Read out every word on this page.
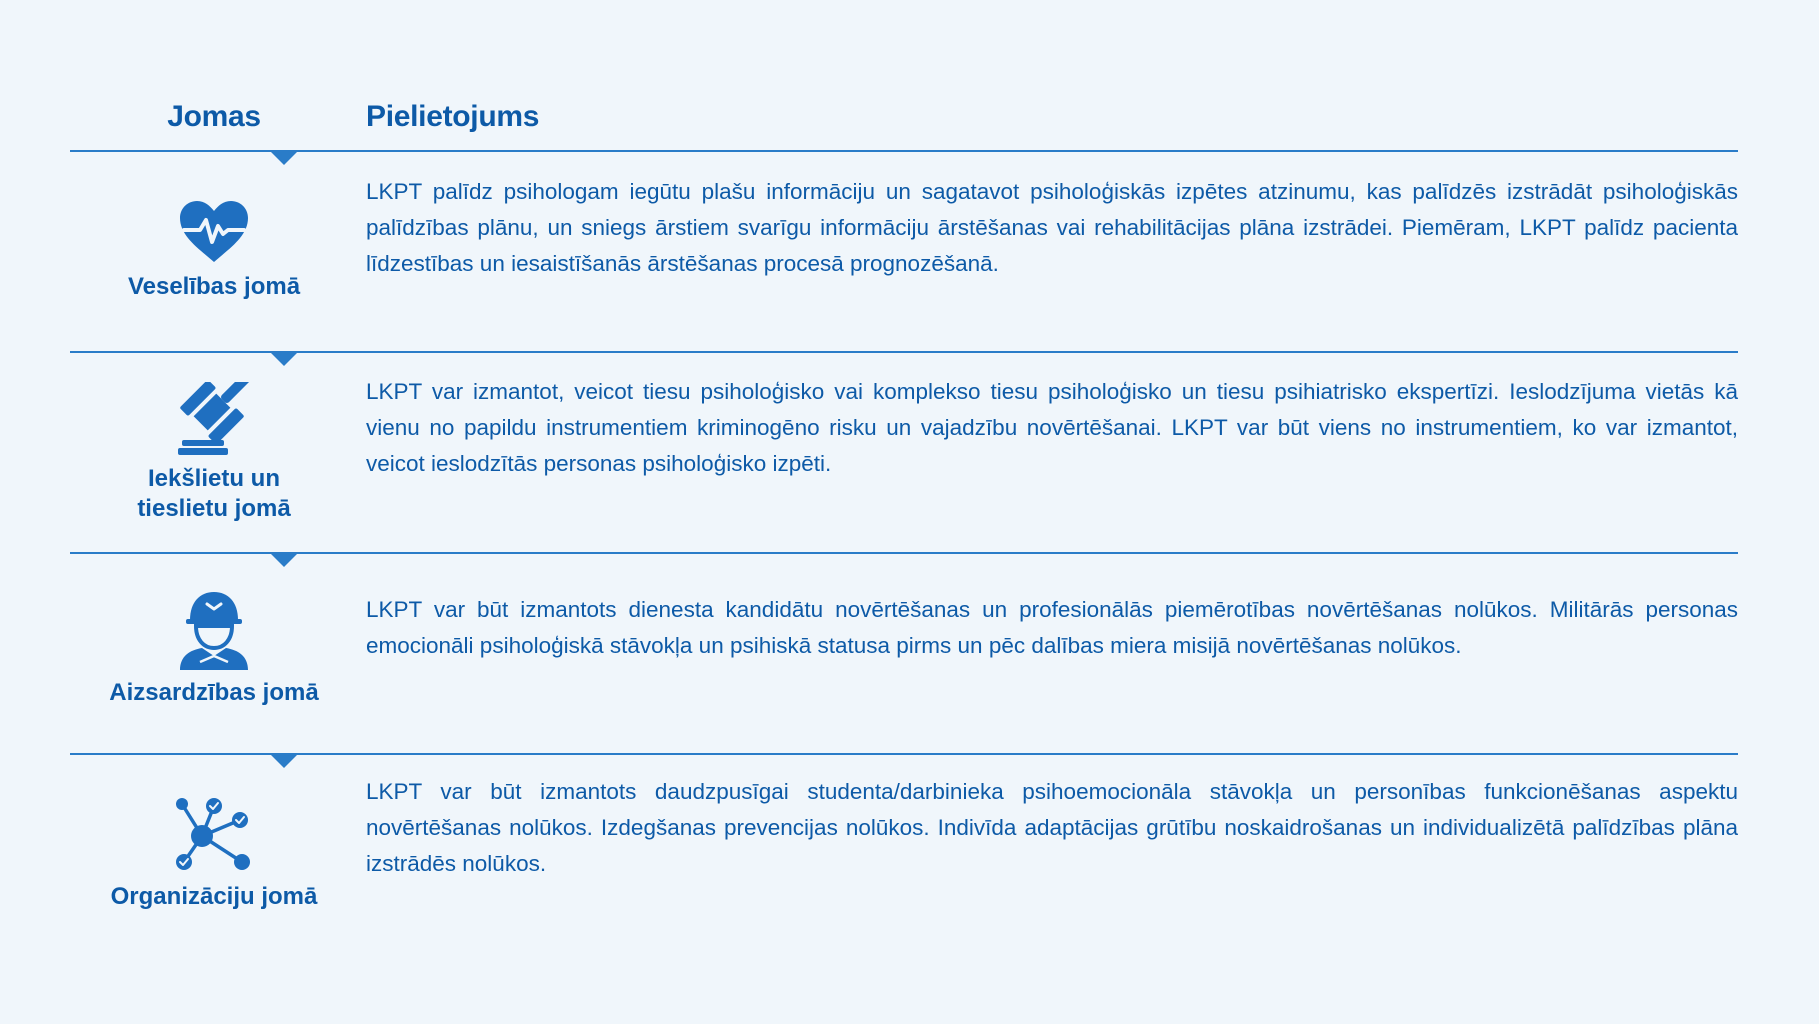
Jomas	Pielietojums
Veselības jomā
LKPT palīdz psihologam iegūtu plašu informāciju un sagatavot psiholoģiskās izpētes atzinumu, kas palīdzēs izstrādāt psiholoģiskās palīdzības plānu, un sniegs ārstiem svarīgu informāciju ārstēšanas vai rehabilitācijas plāna izstrādei. Piemēram, LKPT palīdz pacienta līdzestības un iesaistīšanās ārstēšanas procesā prognozēšanā.
Iekšlietu un
tieslietu jomā
LKPT var izmantot, veicot tiesu psiholoģisko vai komplekso tiesu psiholoģisko un tiesu psihiatrisko ekspertīzi. Ieslodzījuma vietās kā vienu no papildu instrumentiem kriminogēno risku un vajadzību novērtēšanai. LKPT var būt viens no instrumentiem, ko var izmantot, veicot ieslodzītās personas psiholoģisko izpēti.
Aizsardzības jomā
LKPT var būt izmantots dienesta kandidātu novērtēšanas un profesionālās piemērotības novērtēšanas nolūkos. Militārās personas emocionāli psiholoģiskā stāvokļa un psihiskā statusa pirms un pēc dalības miera misijā novērtēšanas nolūkos.
Organizāciju jomā
LKPT var būt izmantots daudzpusīgai studenta/darbinieka psihoemocionāla stāvokļa un personības funkcionēšanas aspektu novērtēšanas nolūkos. Izdegšanas prevencijas nolūkos. Indivīda adaptācijas grūtību noskaidrošanas un individualizētā palīdzības plāna izstrādēs nolūkos.
